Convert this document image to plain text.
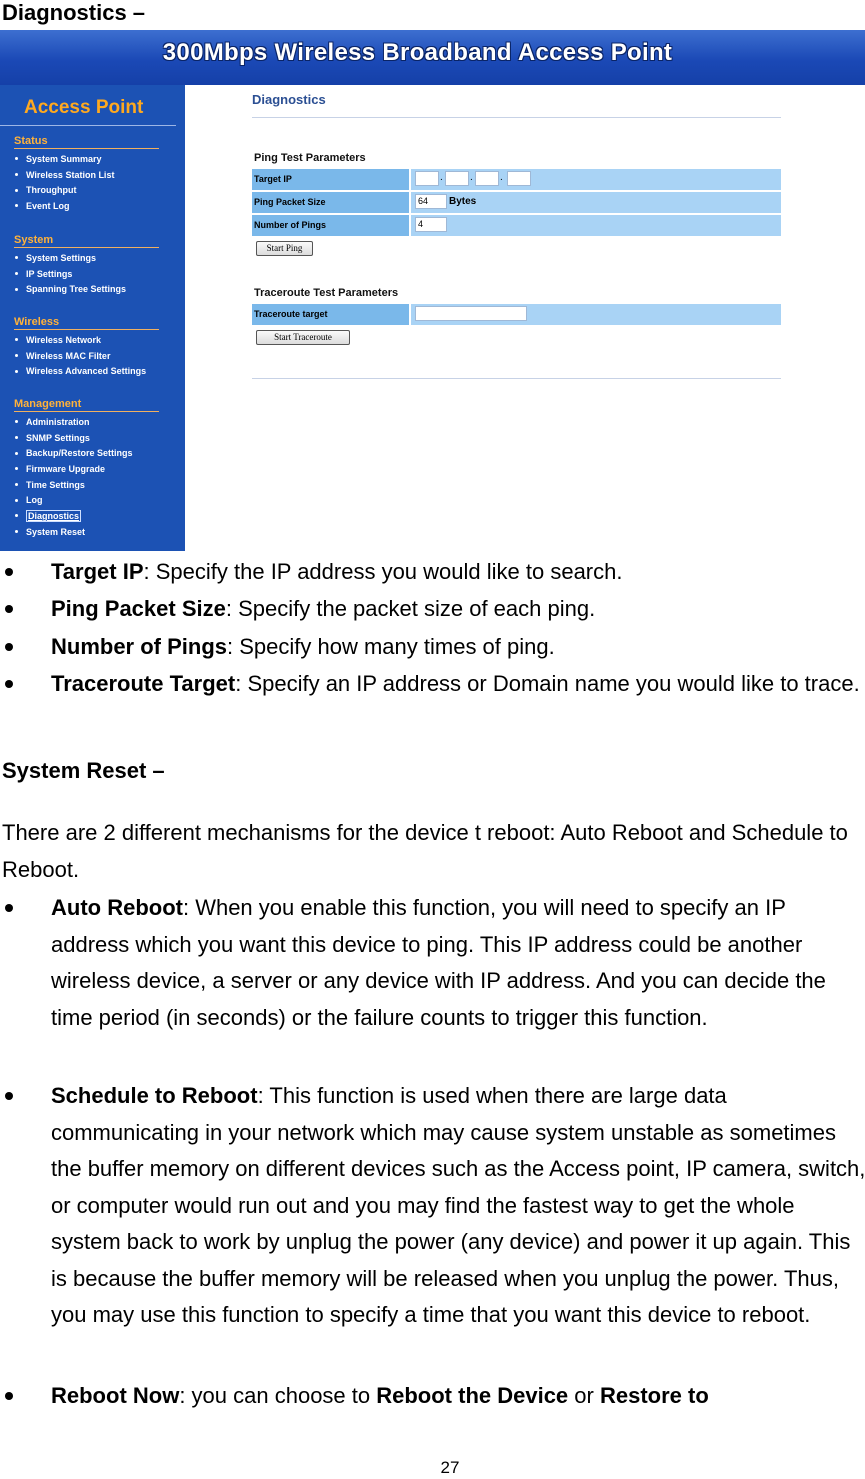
Diagnostics –
300Mbps Wireless Broadband Access Point
Access Point
Status
System Summary
Wireless Station List
Throughput
Event Log
System
System Settings
IP Settings
Spanning Tree Settings
Wireless
Wireless Network
Wireless MAC Filter
Wireless Advanced Settings
Management
Administration
SNMP Settings
Backup/Restore Settings
Firmware Upgrade
Time Settings
Log
Diagnostics
System Reset
Diagnostics
Ping Test Parameters
Target IP	.	.	.
Ping Packet Size	64	Bytes
Number of Pings	4
Start Ping
Traceroute Test Parameters
Traceroute target
Start Traceroute

Target IP: Specify the IP address you would like to search.

Ping Packet Size: Specify the packet size of each ping.

Number of Pings: Specify how many times of ping.

Traceroute Target: Specify an IP address or Domain name you would like to trace.

System Reset –

There are 2 different mechanisms for the device t reboot: Auto Reboot and Schedule to Reboot.

Auto Reboot: When you enable this function, you will need to specify an IP address which you want this device to ping. This IP address could be another wireless device, a server or any device with IP address. And you can decide the time period (in seconds) or the failure counts to trigger this function.

Schedule to Reboot: This function is used when there are large data communicating in your network which may cause system unstable as sometimes the buffer memory on different devices such as the Access point, IP camera, switch, or computer would run out and you may find the fastest way to get the whole system back to work by unplug the power (any device) and power it up again. This is because the buffer memory will be released when you unplug the power. Thus, you may use this function to specify a time that you want this device to reboot.

Reboot Now: you can choose to Reboot the Device or Restore to

27
